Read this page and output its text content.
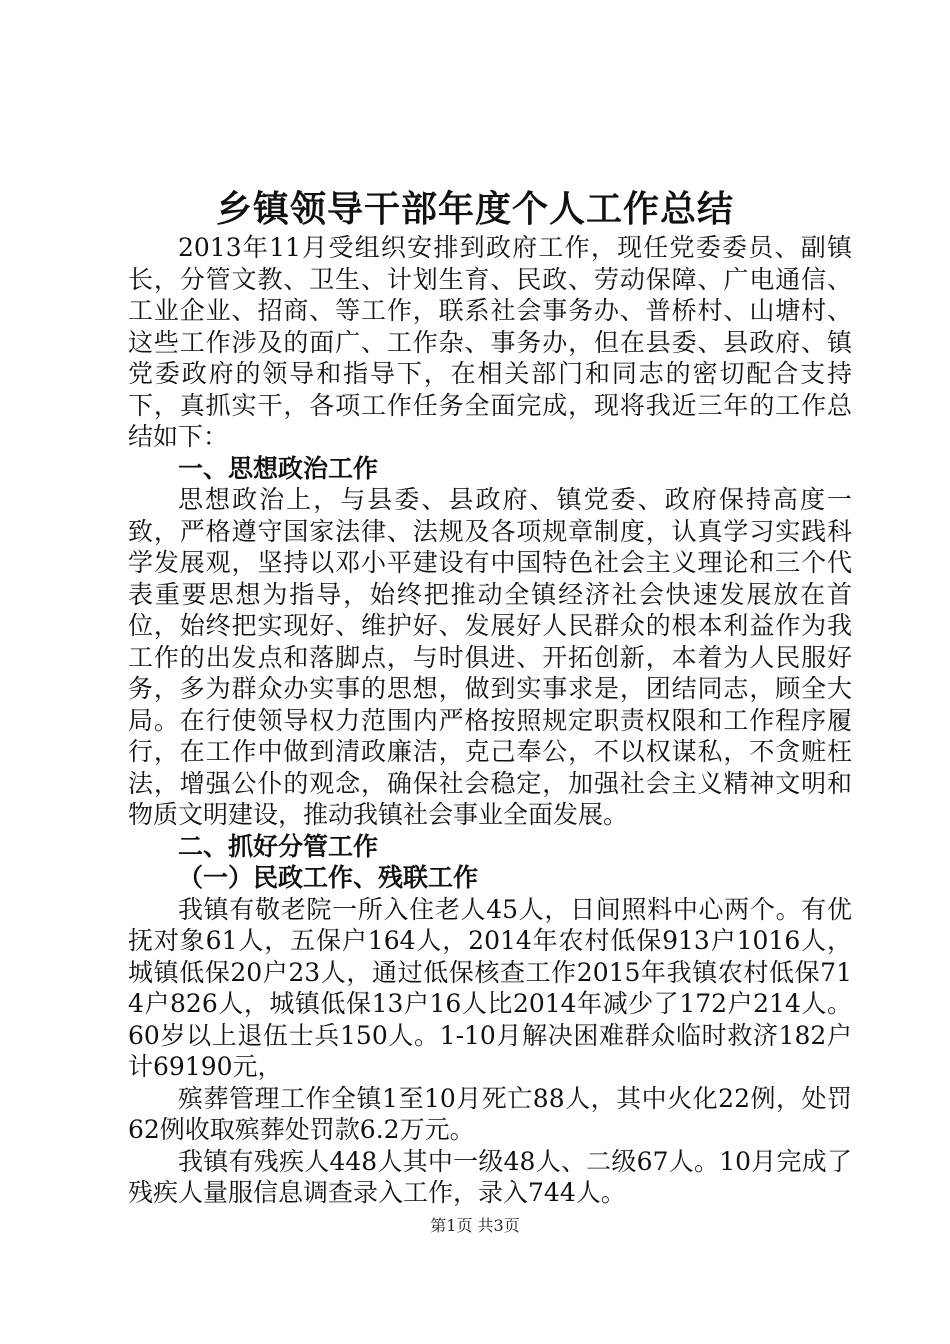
乡镇领导干部年度个人工作总结

2013年11月受组织安排到政府工作，现任党委委员、副镇长，分管文教、卫生、计划生育、民政、劳动保障、广电通信、工业企业、招商、等工作，联系社会事务办、普桥村、山塘村、这些工作涉及的面广、工作杂、事务办，但在县委、县政府、镇党委政府的领导和指导下，在相关部门和同志的密切配合支持下，真抓实干，各项工作任务全面完成，现将我近三年的工作总结如下：

一、思想政治工作

思想政治上，与县委、县政府、镇党委、政府保持高度一致，严格遵守国家法律、法规及各项规章制度，认真学习实践科学发展观，坚持以邓小平建设有中国特色社会主义理论和三个代表重要思想为指导，始终把推动全镇经济社会快速发展放在首位，始终把实现好、维护好、发展好人民群众的根本利益作为我工作的出发点和落脚点，与时俱进、开拓创新，本着为人民服好务，多为群众办实事的思想，做到实事求是，团结同志，顾全大局。在行使领导权力范围内严格按照规定职责权限和工作程序履行，在工作中做到清政廉洁，克己奉公，不以权谋私，不贪赃枉法，增强公仆的观念，确保社会稳定，加强社会主义精神文明和物质文明建设，推动我镇社会事业全面发展。

二、抓好分管工作
（一）民政工作、残联工作

我镇有敬老院一所入住老人45人，日间照料中心两个。有优抚对象61人，五保户164人，2014年农村低保913户1016人，城镇低保20户23人，通过低保核查工作2015年我镇农村低保714户826人，城镇低保13户16人比2014年减少了172户214人。60岁以上退伍士兵150人。1-10月解决困难群众临时救济182户计69190元，

殡葬管理工作全镇1至10月死亡88人，其中火化22例，处罚62例收取殡葬处罚款6.2万元。

我镇有残疾人448人其中一级48人、二级67人。10月完成了残疾人量服信息调查录入工作，录入744人。

第1页 共3页
